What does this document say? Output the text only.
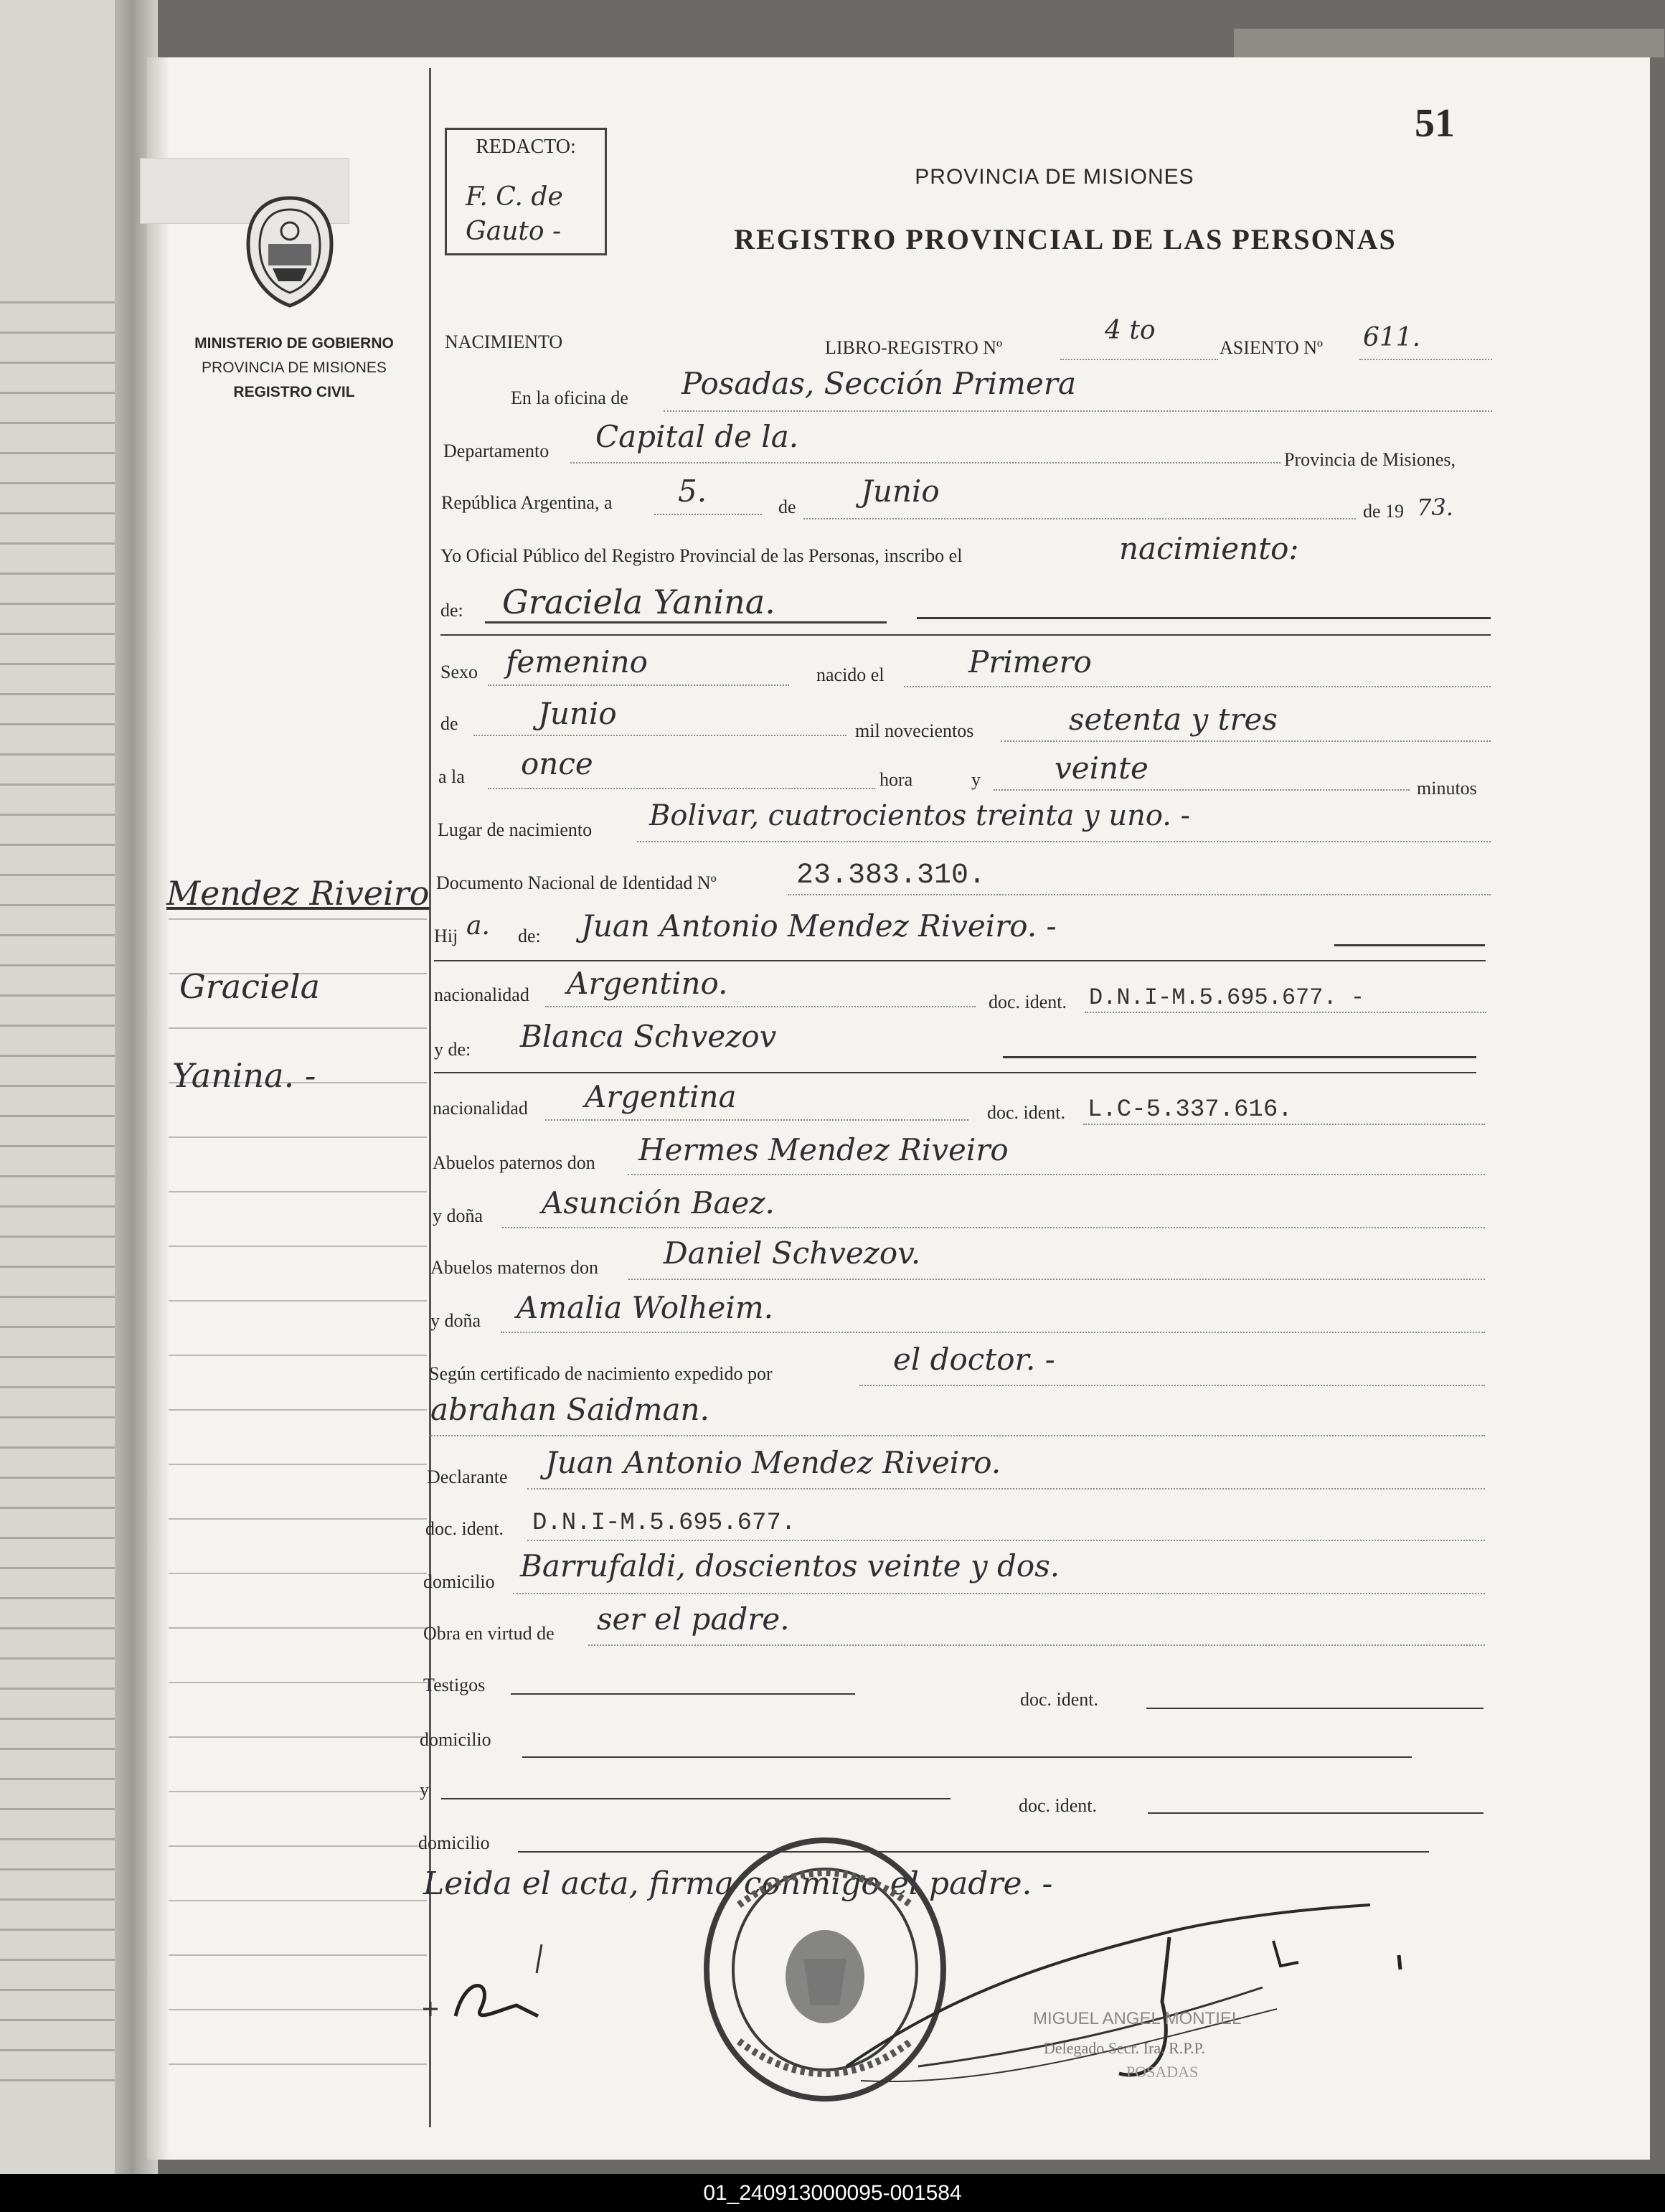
51
REDACTO:
F. C. de Gauto -
PROVINCIA DE MISIONES
REGISTRO PROVINCIAL DE LAS PERSONAS
MINISTERIO DE GOBIERNO
PROVINCIA DE MISIONES
REGISTRO CIVIL
Mendez Riveiro
Graciela
Yanina. -
NACIMIENTO	LIBRO-REGISTRO Nº
4 to
ASIENTO Nº 611.
En la oficina de Posadas, Sección Primera
Departamento Capital de la.
Provincia de Misiones,
República Argentina, a 5.	de Junio
de 19 73.
Yo Oficial Público del Registro Provincial de las Personas, inscribo el	nacimiento:
de: Graciela Yanina.
Sexo femenino	nacido el	Primero
de	Junio	mil novecientos	setenta y tres
a la once	hora	y veinte
minutos
Lugar de nacimiento Bolivar, cuatrocientos treinta y uno. -
Documento Nacional de Identidad Nº	23.383.310.
Hij a. de: Juan Antonio Mendez Riveiro. -
nacionalidad Argentino.
doc. ident. D.N.I-M.5.695.677. -
y de: Blanca Schvezov
nacionalidad Argentina	doc. ident. L.C-5.337.616.
Abuelos paternos don Hermes Mendez Riveiro
y doña Asunción Baez.
Abuelos maternos don Daniel Schvezov.
y doña Amalia Wolheim.
Según certificado de nacimiento expedido por	el doctor. -
abrahan Saidman.
Declarante Juan Antonio Mendez Riveiro.
doc. ident. D.N.I-M.5.695.677.
domicilio Barrufaldi, doscientos veinte y dos.
Obra en virtud de ser el padre.
Testigos
doc. ident.
domicilio
y
doc. ident.
domicilio
Leida el acta, firma conmigo el padre. -
MIGUEL ANGEL MONTIEL
Delegado Secr. Ira. R.P.P.
POSADAS
01_240913000095-001584
